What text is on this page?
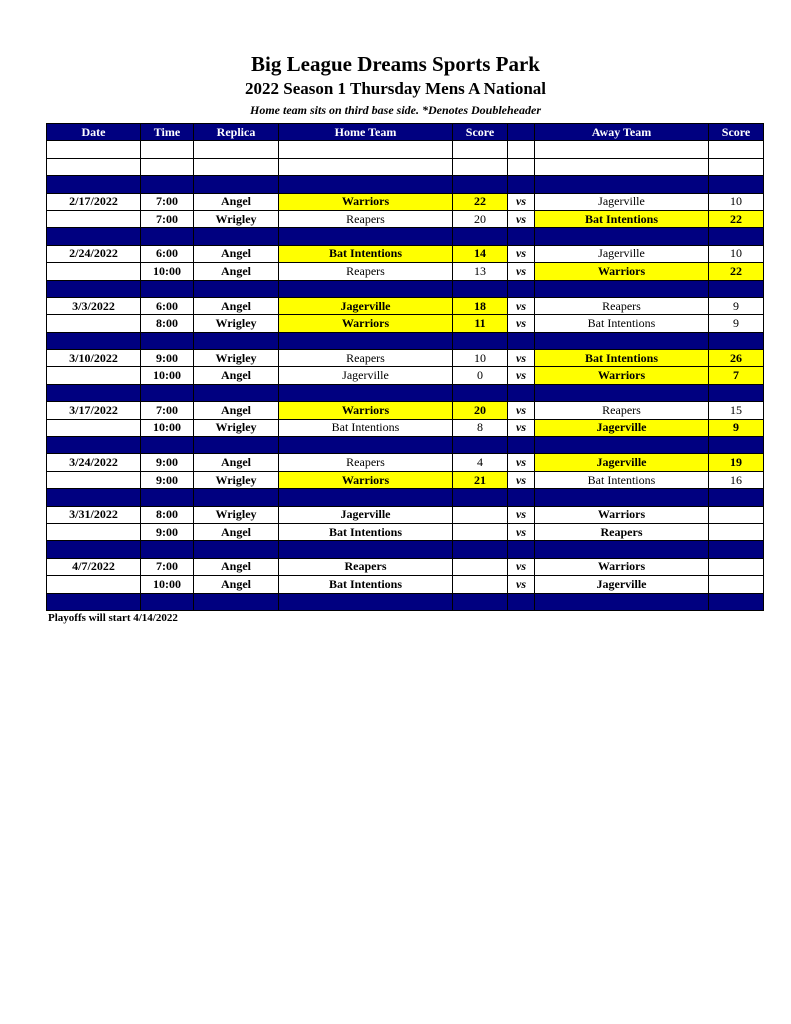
Big League Dreams Sports Park
2022 Season 1 Thursday Mens A National
Home team sits on third base side. *Denotes Doubleheader
Date	Time	Replica	Home Team	Score		Away Team	Score

2/17/2022	7:00	Angel	Warriors	22	vs	Jagerville	10
	7:00	Wrigley	Reapers	20	vs	Bat Intentions	22

2/24/2022	6:00	Angel	Bat Intentions	14	vs	Jagerville	10
	10:00	Angel	Reapers	13	vs	Warriors	22

3/3/2022	6:00	Angel	Jagerville	18	vs	Reapers	9
	8:00	Wrigley	Warriors	11	vs	Bat Intentions	9

3/10/2022	9:00	Wrigley	Reapers	10	vs	Bat Intentions	26
	10:00	Angel	Jagerville	0	vs	Warriors	7

3/17/2022	7:00	Angel	Warriors	20	vs	Reapers	15
	10:00	Wrigley	Bat Intentions	8	vs	Jagerville	9

3/24/2022	9:00	Angel	Reapers	4	vs	Jagerville	19
	9:00	Wrigley	Warriors	21	vs	Bat Intentions	16

3/31/2022	8:00	Wrigley	Jagerville		vs	Warriors	
	9:00	Angel	Bat Intentions		vs	Reapers	

4/7/2022	7:00	Angel	Reapers		vs	Warriors	
	10:00	Angel	Bat Intentions		vs	Jagerville	

Playoffs will start 4/14/2022
